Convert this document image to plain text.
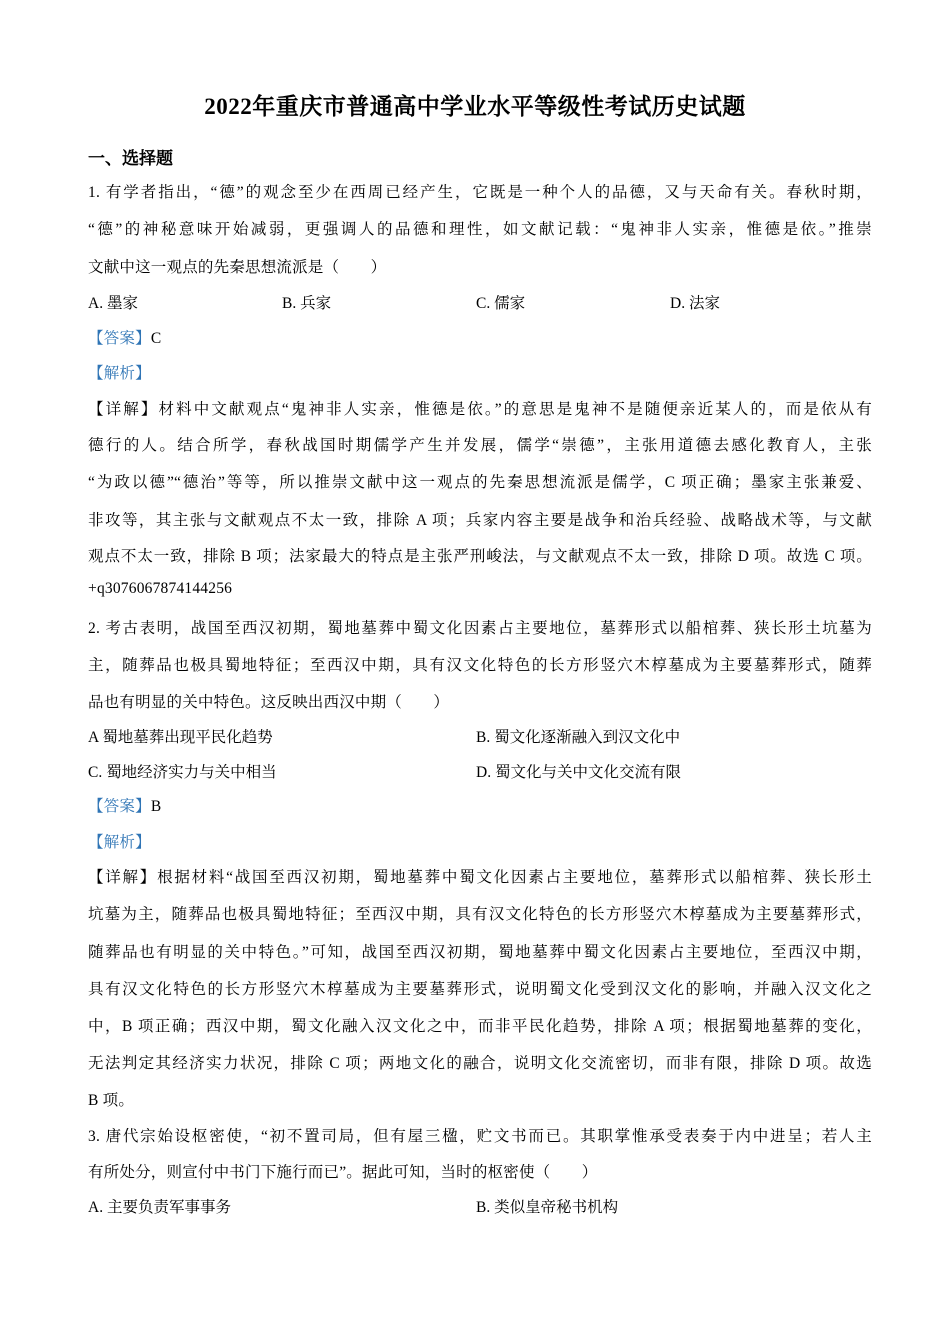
2022年重庆市普通高中学业水平等级性考试历史试题
一、选择题
1. 有学者指出，“德”的观念至少在西周已经产生，它既是一种个人的品德，又与天命有关。春秋时期，
“德”的神秘意味开始减弱，更强调人的品德和理性，如文献记载：“鬼神非人实亲，惟德是依。”推崇
文献中这一观点的先秦思想流派是（　　）
A. 墨家	B. 兵家	C. 儒家	D. 法家
【答案】C
【解析】
【详解】材料中文献观点“鬼神非人实亲，惟德是依。”的意思是鬼神不是随便亲近某人的，而是依从有
德行的人。结合所学，春秋战国时期儒学产生并发展，儒学“崇德”，主张用道德去感化教育人，主张
“为政以德”“德治”等等，所以推崇文献中这一观点的先秦思想流派是儒学，C 项正确；墨家主张兼爱、
非攻等，其主张与文献观点不太一致，排除 A 项；兵家内容主要是战争和治兵经验、战略战术等，与文献
观点不太一致，排除 B 项；法家最大的特点是主张严刑峻法，与文献观点不太一致，排除 D 项。故选 C 项。
+q3076067874144256
2. 考古表明，战国至西汉初期，蜀地墓葬中蜀文化因素占主要地位，墓葬形式以船棺葬、狭长形土坑墓为
主，随葬品也极具蜀地特征；至西汉中期，具有汉文化特色的长方形竖穴木椁墓成为主要墓葬形式，随葬
品也有明显的关中特色。这反映出西汉中期（　　）
A 蜀地墓葬出现平民化趋势	B. 蜀文化逐渐融入到汉文化中
C. 蜀地经济实力与关中相当	D. 蜀文化与关中文化交流有限
【答案】B
【解析】
【详解】根据材料“战国至西汉初期，蜀地墓葬中蜀文化因素占主要地位，墓葬形式以船棺葬、狭长形土
坑墓为主，随葬品也极具蜀地特征；至西汉中期，具有汉文化特色的长方形竖穴木椁墓成为主要墓葬形式，
随葬品也有明显的关中特色。”可知，战国至西汉初期，蜀地墓葬中蜀文化因素占主要地位，至西汉中期，
具有汉文化特色的长方形竖穴木椁墓成为主要墓葬形式，说明蜀文化受到汉文化的影响，并融入汉文化之
中，B 项正确；西汉中期，蜀文化融入汉文化之中，而非平民化趋势，排除 A 项；根据蜀地墓葬的变化，
无法判定其经济实力状况，排除 C 项；两地文化的融合，说明文化交流密切，而非有限，排除 D 项。故选
B 项。
3. 唐代宗始设枢密使，“初不置司局，但有屋三楹，贮文书而已。其职掌惟承受表奏于内中进呈；若人主
有所处分，则宣付中书门下施行而已”。据此可知，当时的枢密使（　　）
A. 主要负责军事事务	B. 类似皇帝秘书机构
